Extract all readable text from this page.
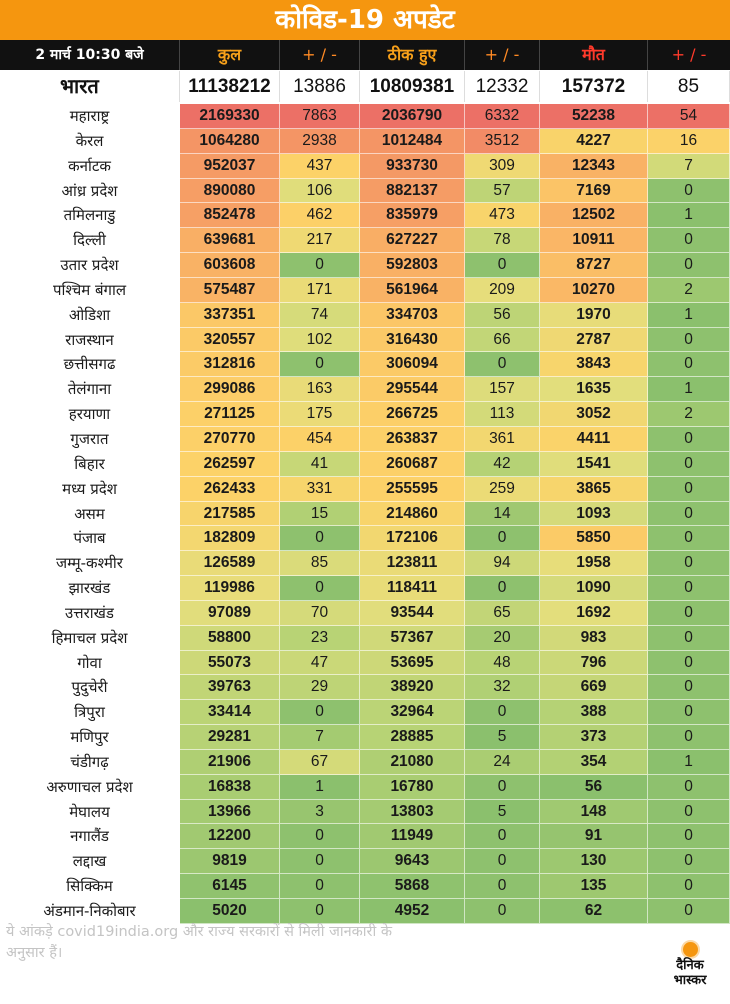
कोविड-19 अपडेट
2 मार्च 10:30 बजे	कुल	+ / -	ठीक हुए	+ / -	मौत	+ / -
भारत	11138212	13886	10809381	12332	157372	85
महाराष्ट्र	2169330	7863	2036790	6332	52238	54
केरल	1064280	2938	1012484	3512	4227	16
कर्नाटक	952037	437	933730	309	12343	7
आंध्र प्रदेश	890080	106	882137	57	7169	0
तमिलनाडु	852478	462	835979	473	12502	1
दिल्ली	639681	217	627227	78	10911	0
उतार प्रदेश	603608	0	592803	0	8727	0
पश्चिम बंगाल	575487	171	561964	209	10270	2
ओडिशा	337351	74	334703	56	1970	1
राजस्थान	320557	102	316430	66	2787	0
छत्तीसगढ	312816	0	306094	0	3843	0
तेलंगाना	299086	163	295544	157	1635	1
हरयाणा	271125	175	266725	113	3052	2
गुजरात	270770	454	263837	361	4411	0
बिहार	262597	41	260687	42	1541	0
मध्य प्रदेश	262433	331	255595	259	3865	0
असम	217585	15	214860	14	1093	0
पंजाब	182809	0	172106	0	5850	0
जम्मू-कश्मीर	126589	85	123811	94	1958	0
झारखंड	119986	0	118411	0	1090	0
उत्तराखंड	97089	70	93544	65	1692	0
हिमाचल प्रदेश	58800	23	57367	20	983	0
गोवा	55073	47	53695	48	796	0
पुदुचेरी	39763	29	38920	32	669	0
त्रिपुरा	33414	0	32964	0	388	0
मणिपुर	29281	7	28885	5	373	0
चंडीगढ़	21906	67	21080	24	354	1
अरुणाचल प्रदेश	16838	1	16780	0	56	0
मेघालय	13966	3	13803	5	148	0
नगालैंड	12200	0	11949	0	91	0
लद्दाख	9819	0	9643	0	130	0
सिक्किम	6145	0	5868	0	135	0
अंडमान-निकोबार	5020	0	4952	0	62	0
ये आंकड़े covid19india.org और राज्य सरकारों से मिली जानकारी के अनुसार हैं।
दैनिक
भास्कर
